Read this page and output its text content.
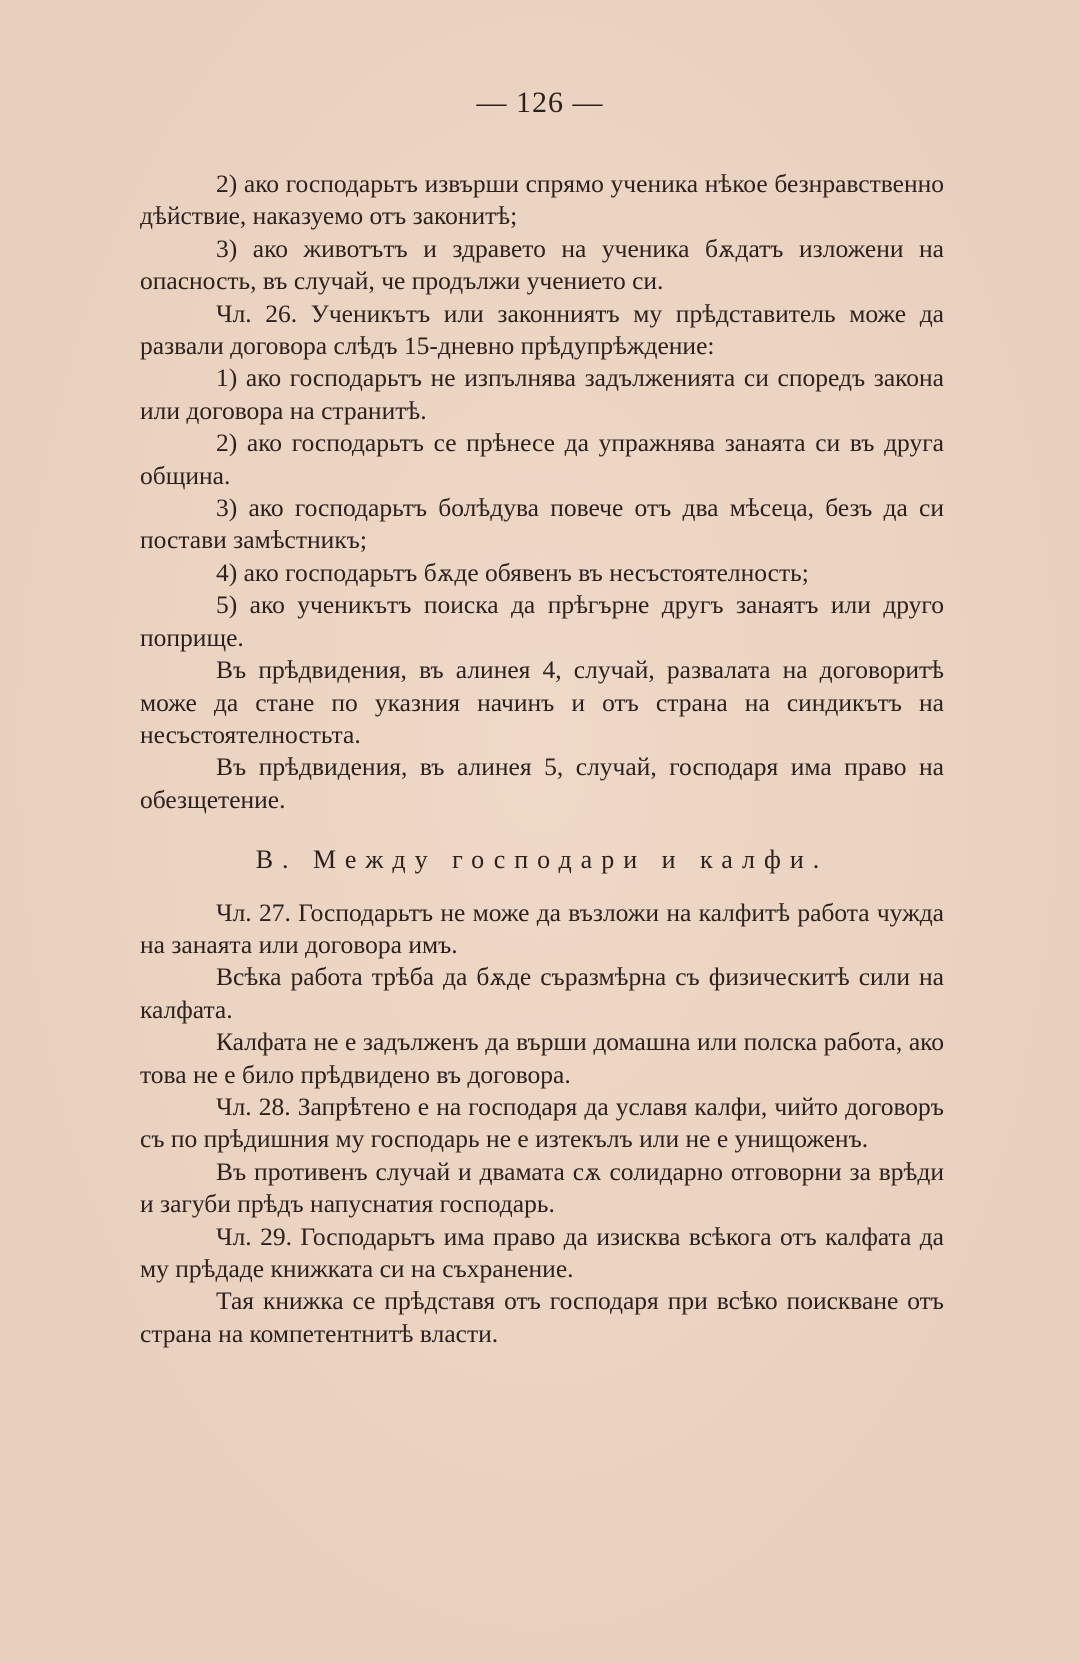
— 126 —

2) ако господарьтъ извърши спрямо ученика нѣкое безнравственно дѣйствие, наказуемо отъ законитѣ;

3) ако животътъ и здравето на ученика бѫдатъ изложени на опасность, въ случай, че продължи учението си.

Чл. 26. Ученикътъ или законниятъ му прѣдставитель може да развали договора слѣдъ 15-дневно прѣдупрѣждение:

1) ако господарьтъ не изпълнява задълженията си споредъ закона или договора на странитѣ.

2) ако господарьтъ се прѣнесе да упражнява занаята си въ друга община.

3) ако господарьтъ болѣдува повече отъ два мѣсеца, безъ да си постави замѣстникъ;

4) ако господарьтъ бѫде обявенъ въ несъстоятелность;

5) ако ученикътъ поиска да прѣгърне другъ занаятъ или друго поприще.

Въ прѣдвидения, въ алинея 4, случай, развалата на договоритѣ може да стане по указния начинъ и отъ страна на синдикътъ на несъстоятелностьта.

Въ прѣдвидения, въ алинея 5, случай, господаря има право на обезщетение.

В. Между господари и калфи.

Чл. 27. Господарьтъ не може да възложи на калфитѣ работа чужда на занаята или договора имъ.

Всѣка работа трѣба да бѫде съразмѣрна съ физическитѣ сили на калфата.

Калфата не е задълженъ да върши домашна или полска работа, ако това не е било прѣдвидено въ договора.

Чл. 28. Запрѣтено е на господаря да уславя калфи, чийто договоръ съ по прѣдишния му господарь не е изтекълъ или не е унищоженъ.

Въ противенъ случай и двамата сѫ солидарно отговорни за врѣди и загуби прѣдъ напуснатия господарь.

Чл. 29. Господарьтъ има право да изисква всѣкога отъ калфата да му прѣдаде книжката си на съхранение.

Тая книжка се прѣдставя отъ господаря при всѣко поискване отъ страна на компетентнитѣ власти.
